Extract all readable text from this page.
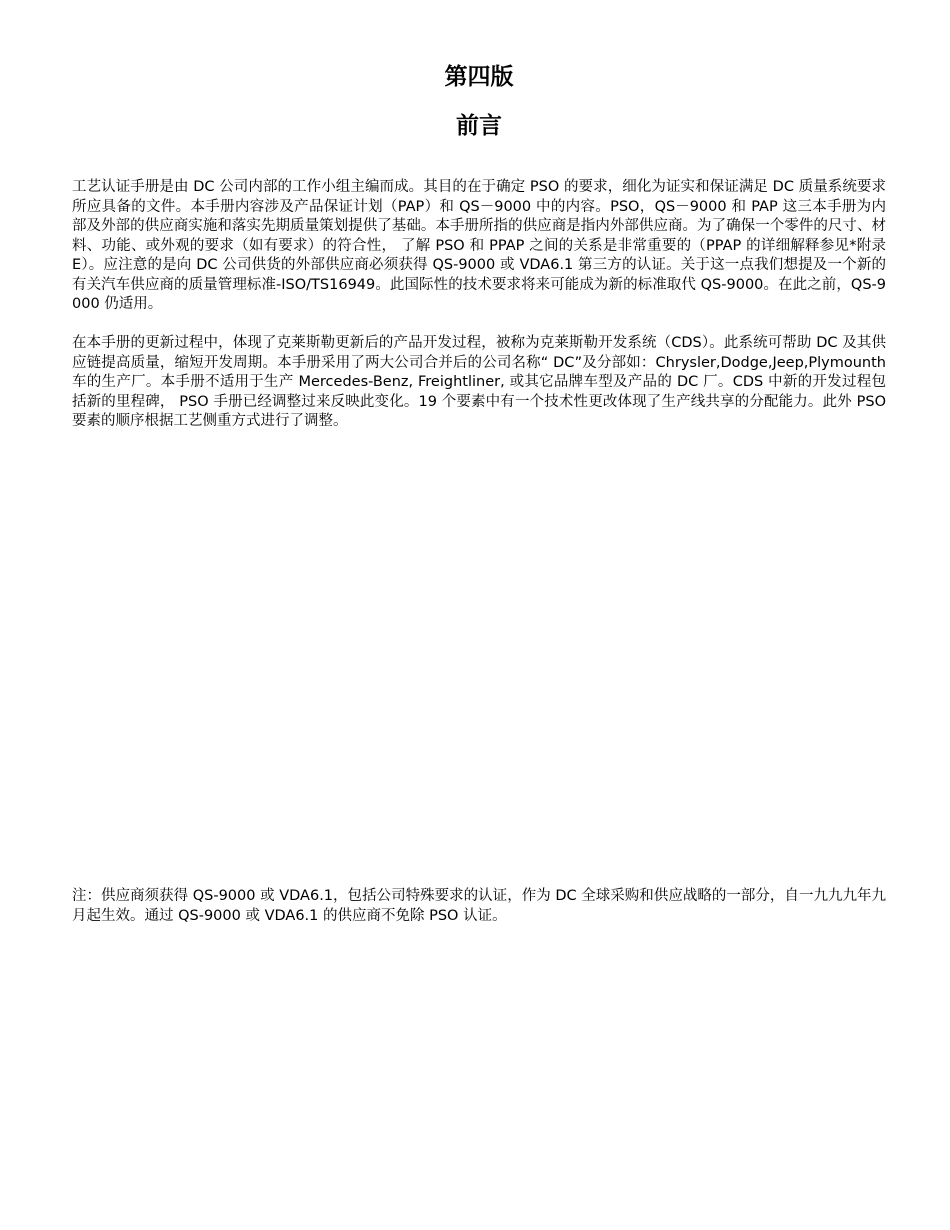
第四版
前言

工艺认证手册是由 DC 公司内部的工作小组主编而成。其目的在于确定 PSO 的要求，细化为证实和保证满足 DC 质量系统要求所应具备的文件。本手册内容涉及产品保证计划（PAP）和 QS－9000 中的内容。PSO，QS－9000 和 PAP 这三本手册为内部及外部的供应商实施和落实先期质量策划提供了基础。本手册所指的供应商是指内外部供应商。为了确保一个零件的尺寸、材料、功能、或外观的要求（如有要求）的符合性， 了解 PSO 和 PPAP 之间的关系是非常重要的（PPAP 的详细解释参见*附录 E）。应注意的是向 DC 公司供货的外部供应商必须获得 QS-9000 或 VDA6.1 第三方的认证。关于这一点我们想提及一个新的有关汽车供应商的质量管理标准-ISO/TS16949。此国际性的技术要求将来可能成为新的标准取代 QS-9000。在此之前，QS-9000 仍适用。

在本手册的更新过程中，体现了克莱斯勒更新后的产品开发过程，被称为克莱斯勒开发系统（CDS）。此系统可帮助 DC 及其供应链提高质量，缩短开发周期。本手册采用了两大公司合并后的公司名称“ DC”及分部如：Chrysler,Dodge,Jeep,Plymounth 车的生产厂。本手册不适用于生产 Mercedes-Benz, Freightliner, 或其它品牌车型及产品的 DC 厂。CDS 中新的开发过程包括新的里程碑， PSO 手册已经调整过来反映此变化。19 个要素中有一个技术性更改体现了生产线共享的分配能力。此外 PSO 要素的顺序根据工艺侧重方式进行了调整。

注：供应商须获得 QS-9000 或 VDA6.1，包括公司特殊要求的认证，作为 DC 全球采购和供应战略的一部分，自一九九九年九月起生效。通过 QS-9000 或 VDA6.1 的供应商不免除 PSO 认证。
